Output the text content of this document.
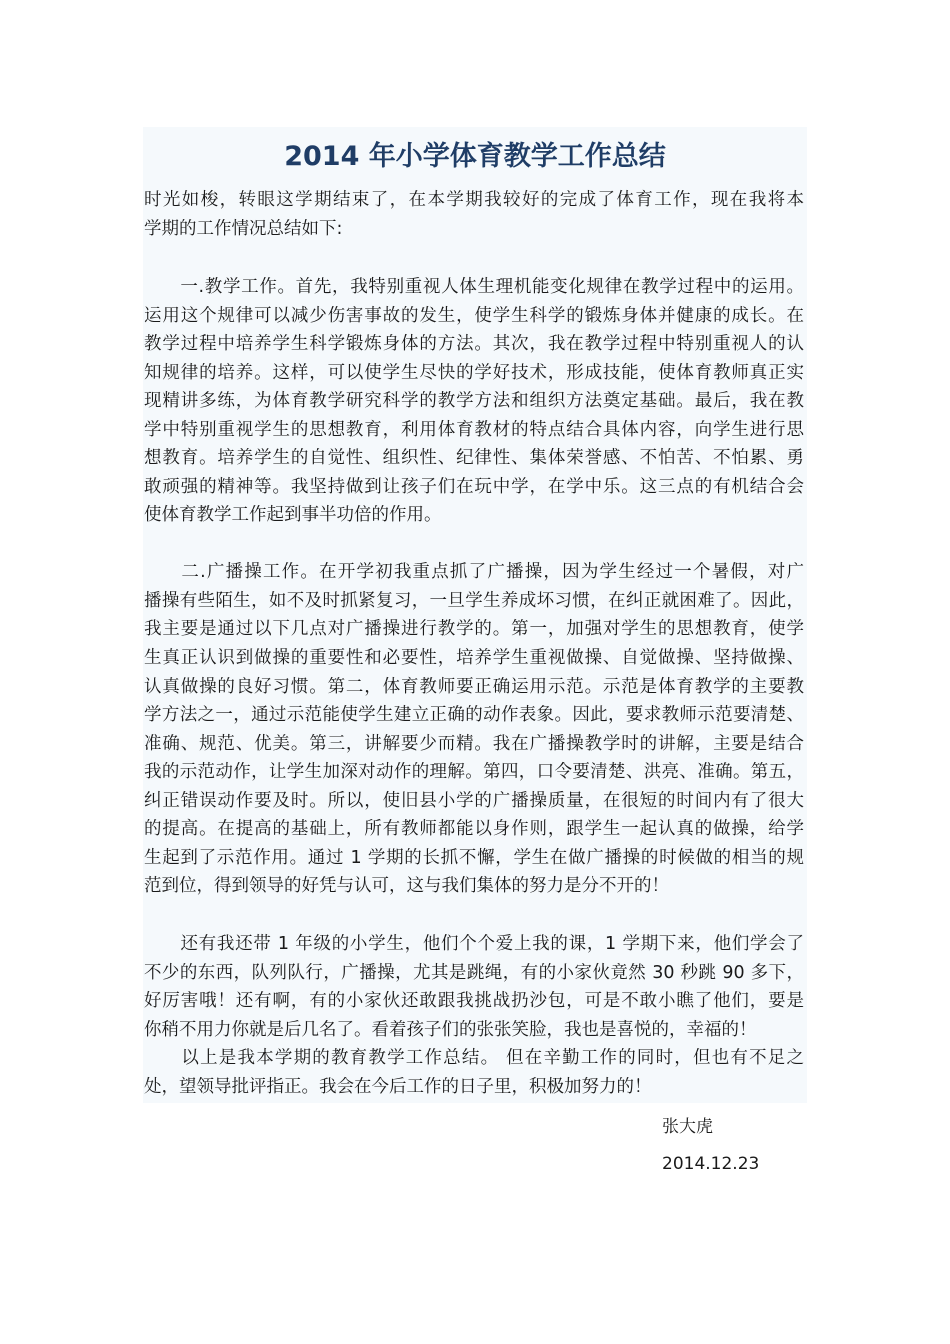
2014 年小学体育教学工作总结
时光如梭，转眼这学期结束了，在本学期我较好的完成了体育工作，现在我将本
学期的工作情况总结如下:
　　一.教学工作。首先，我特别重视人体生理机能变化规律在教学过程中的运用。
运用这个规律可以减少伤害事故的发生，使学生科学的锻炼身体并健康的成长。在
教学过程中培养学生科学锻炼身体的方法。其次，我在教学过程中特别重视人的认
知规律的培养。这样，可以使学生尽快的学好技术，形成技能，使体育教师真正实
现精讲多练，为体育教学研究科学的教学方法和组织方法奠定基础。最后，我在教
学中特别重视学生的思想教育，利用体育教材的特点结合具体内容，向学生进行思
想教育。培养学生的自觉性、组织性、纪律性、集体荣誉感、不怕苦、不怕累、勇
敢顽强的精神等。我坚持做到让孩子们在玩中学，在学中乐。这三点的有机结合会
使体育教学工作起到事半功倍的作用。
　　二.广播操工作。在开学初我重点抓了广播操，因为学生经过一个暑假，对广
播操有些陌生，如不及时抓紧复习，一旦学生养成坏习惯，在纠正就困难了。因此，
我主要是通过以下几点对广播操进行教学的。第一，加强对学生的思想教育，使学
生真正认识到做操的重要性和必要性，培养学生重视做操、自觉做操、坚持做操、
认真做操的良好习惯。第二，体育教师要正确运用示范。示范是体育教学的主要教
学方法之一，通过示范能使学生建立正确的动作表象。因此，要求教师示范要清楚、
准确、规范、优美。第三，讲解要少而精。我在广播操教学时的讲解，主要是结合
我的示范动作，让学生加深对动作的理解。第四，口令要清楚、洪亮、准确。第五，
纠正错误动作要及时。所以，使旧县小学的广播操质量，在很短的时间内有了很大
的提高。在提高的基础上，所有教师都能以身作则，跟学生一起认真的做操，给学
生起到了示范作用。通过 1 学期的长抓不懈，学生在做广播操的时候做的相当的规
范到位，得到领导的好凭与认可，这与我们集体的努力是分不开的！
　　还有我还带 1 年级的小学生，他们个个爱上我的课，1 学期下来，他们学会了
不少的东西，队列队行，广播操，尤其是跳绳，有的小家伙竟然 30 秒跳 90 多下，
好厉害哦！还有啊，有的小家伙还敢跟我挑战扔沙包，可是不敢小瞧了他们，要是
你稍不用力你就是后几名了。看着孩子们的张张笑脸，我也是喜悦的，幸福的！
　　以上是我本学期的教育教学工作总结。 但在辛勤工作的同时，但也有不足之
处，望领导批评指正。我会在今后工作的日子里，积极加努力的！
张大虎
2014.12.23
